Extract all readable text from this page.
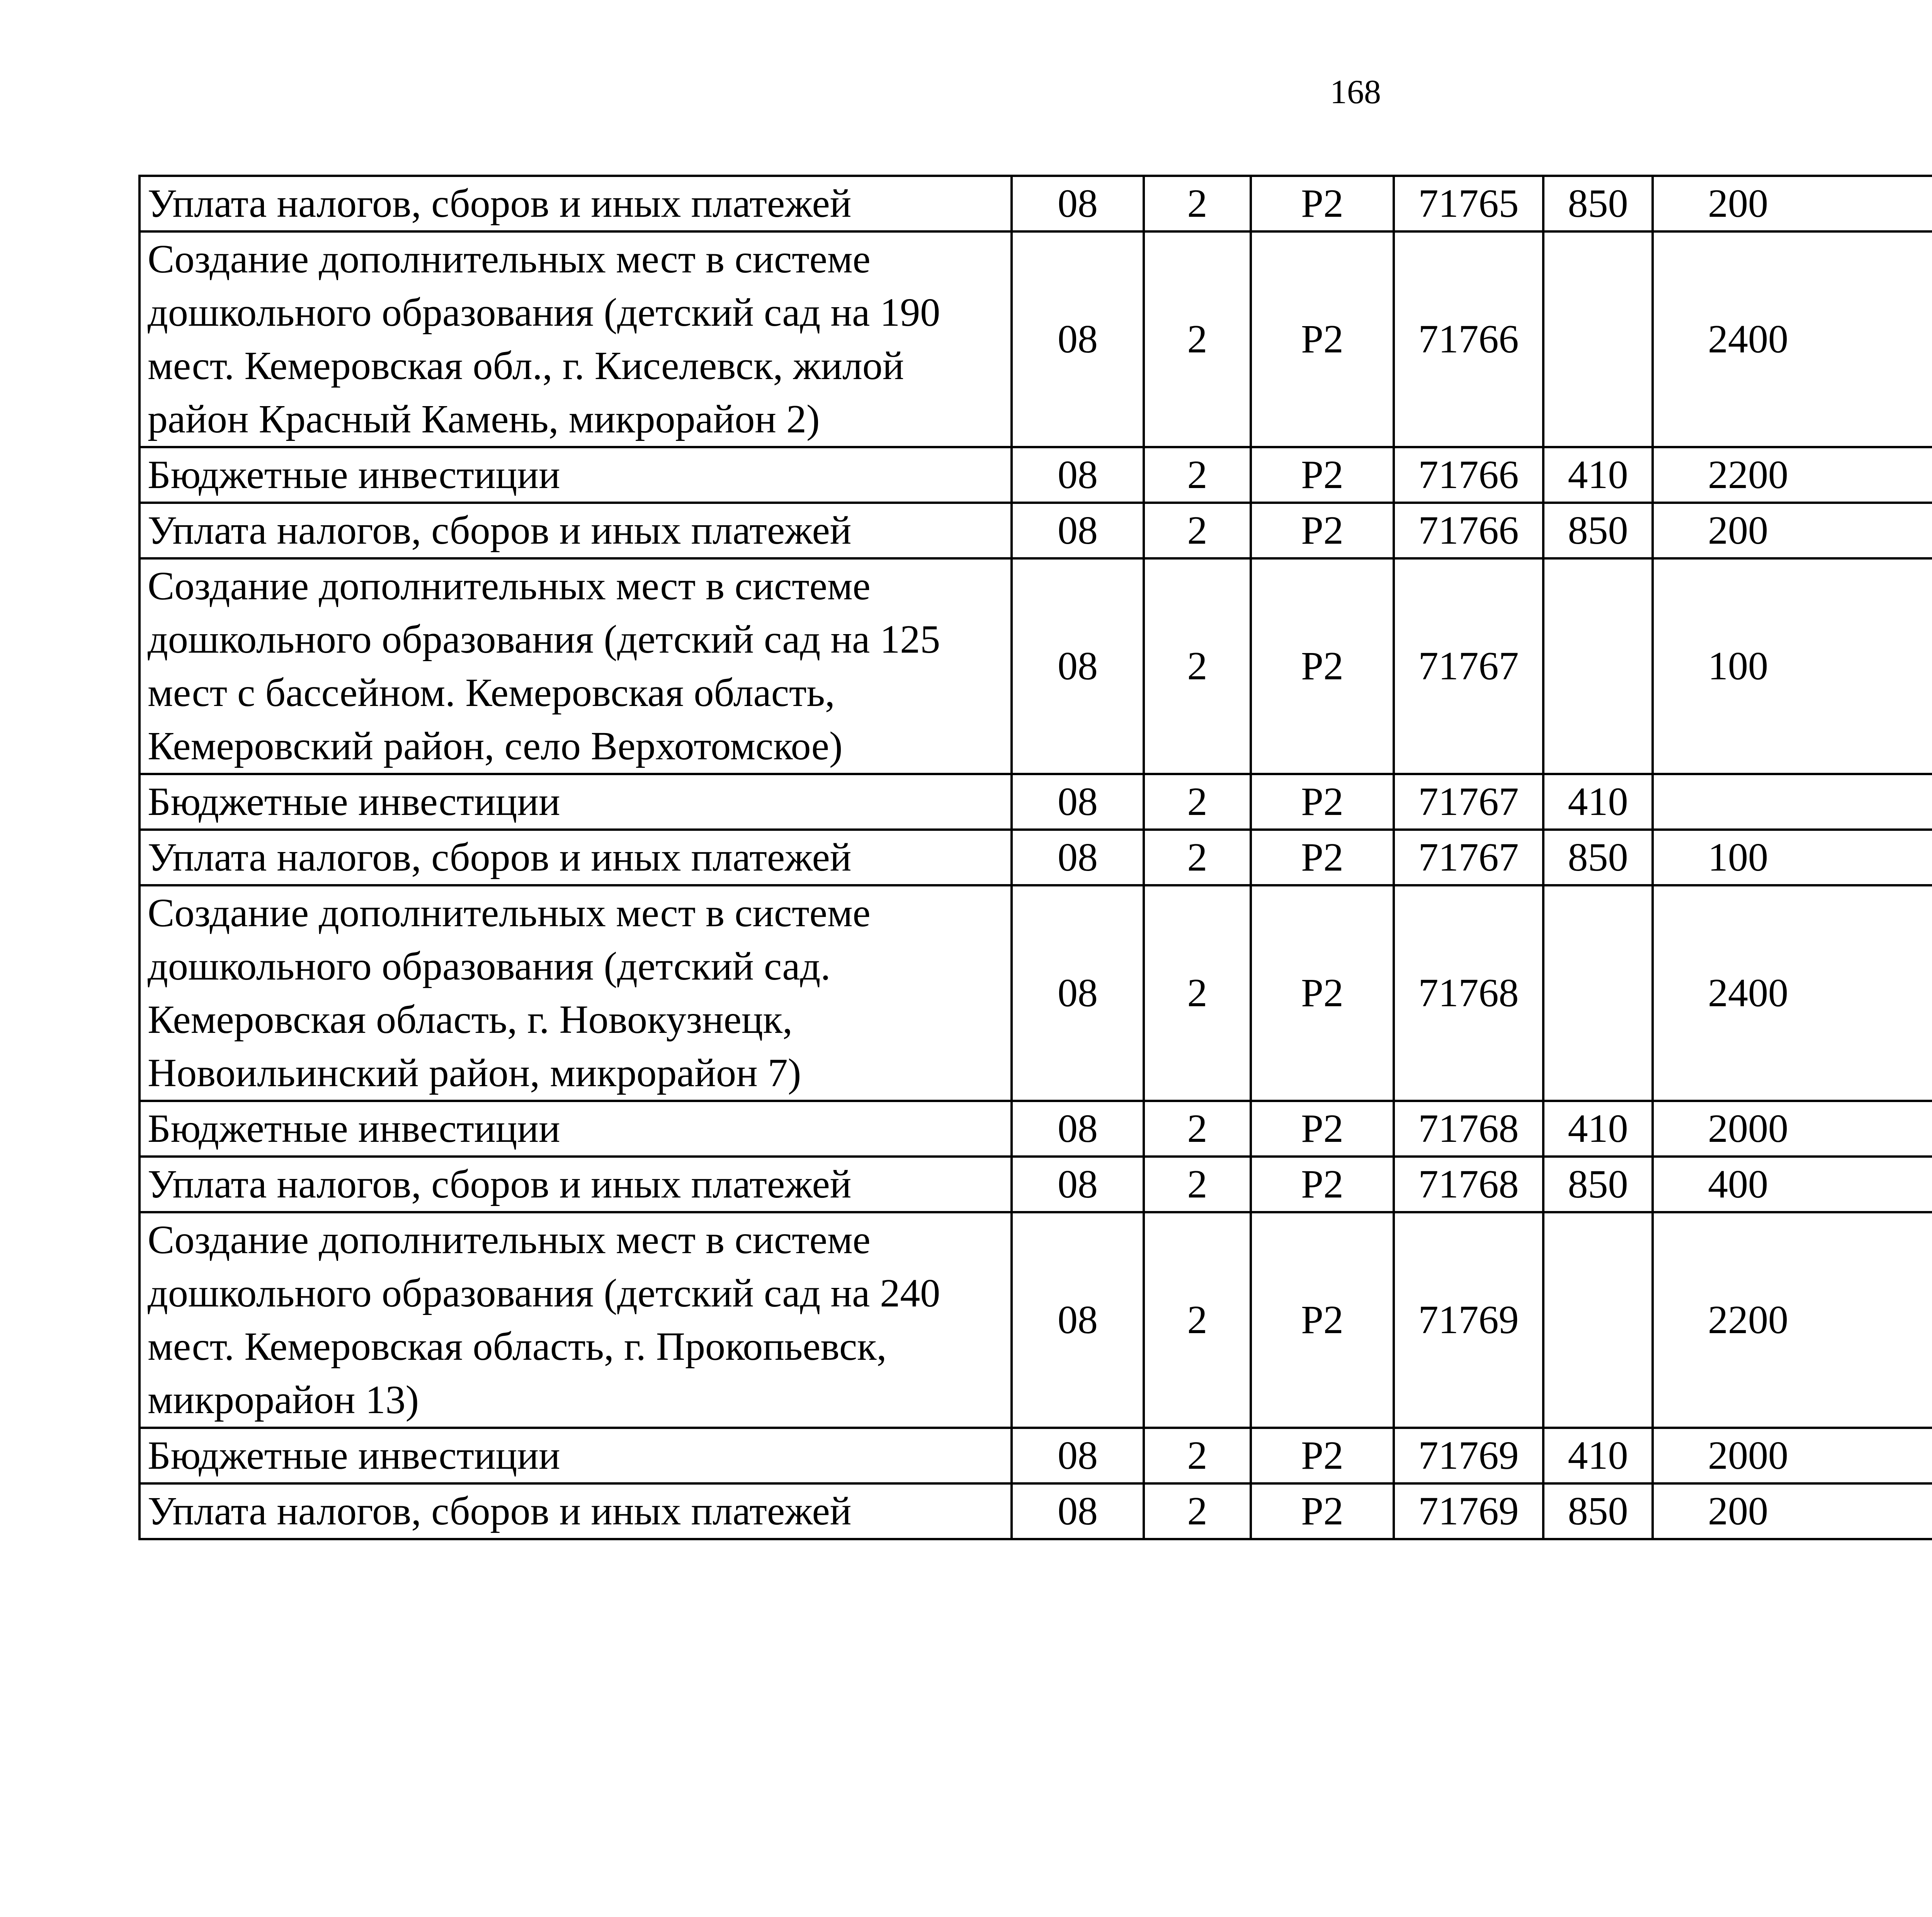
168
Уплата налогов, сборов и иных платежей	08	2	Р2	71765	850	200		
Создание дополнительных мест в системе дошкольного образования (детский сад на 190 мест. Кемеровская обл., г. Киселевск, жилой район Красный Камень, микрорайон 2)	08	2	Р2	71766		2400		
Бюджетные инвестиции	08	2	Р2	71766	410	2200		
Уплата налогов, сборов и иных платежей	08	2	Р2	71766	850	200		
Создание дополнительных мест в системе дошкольного образования (детский сад на 125 мест с бассейном. Кемеровская область, Кемеровский район, село Верхотомское)	08	2	Р2	71767		100		
Бюджетные инвестиции	08	2	Р2	71767	410			
Уплата налогов, сборов и иных платежей	08	2	Р2	71767	850	100		
Создание дополнительных мест в системе дошкольного образования (детский сад. Кемеровская область, г. Новокузнецк, Новоильинский район, микрорайон 7)	08	2	Р2	71768		2400		
Бюджетные инвестиции	08	2	Р2	71768	410	2000		
Уплата налогов, сборов и иных платежей	08	2	Р2	71768	850	400		
Создание дополнительных мест в системе дошкольного образования (детский сад на 240 мест. Кемеровская область, г. Прокопьевск, микрорайон 13)	08	2	Р2	71769		2200		
Бюджетные инвестиции	08	2	Р2	71769	410	2000		
Уплата налогов, сборов и иных платежей	08	2	Р2	71769	850	200		
